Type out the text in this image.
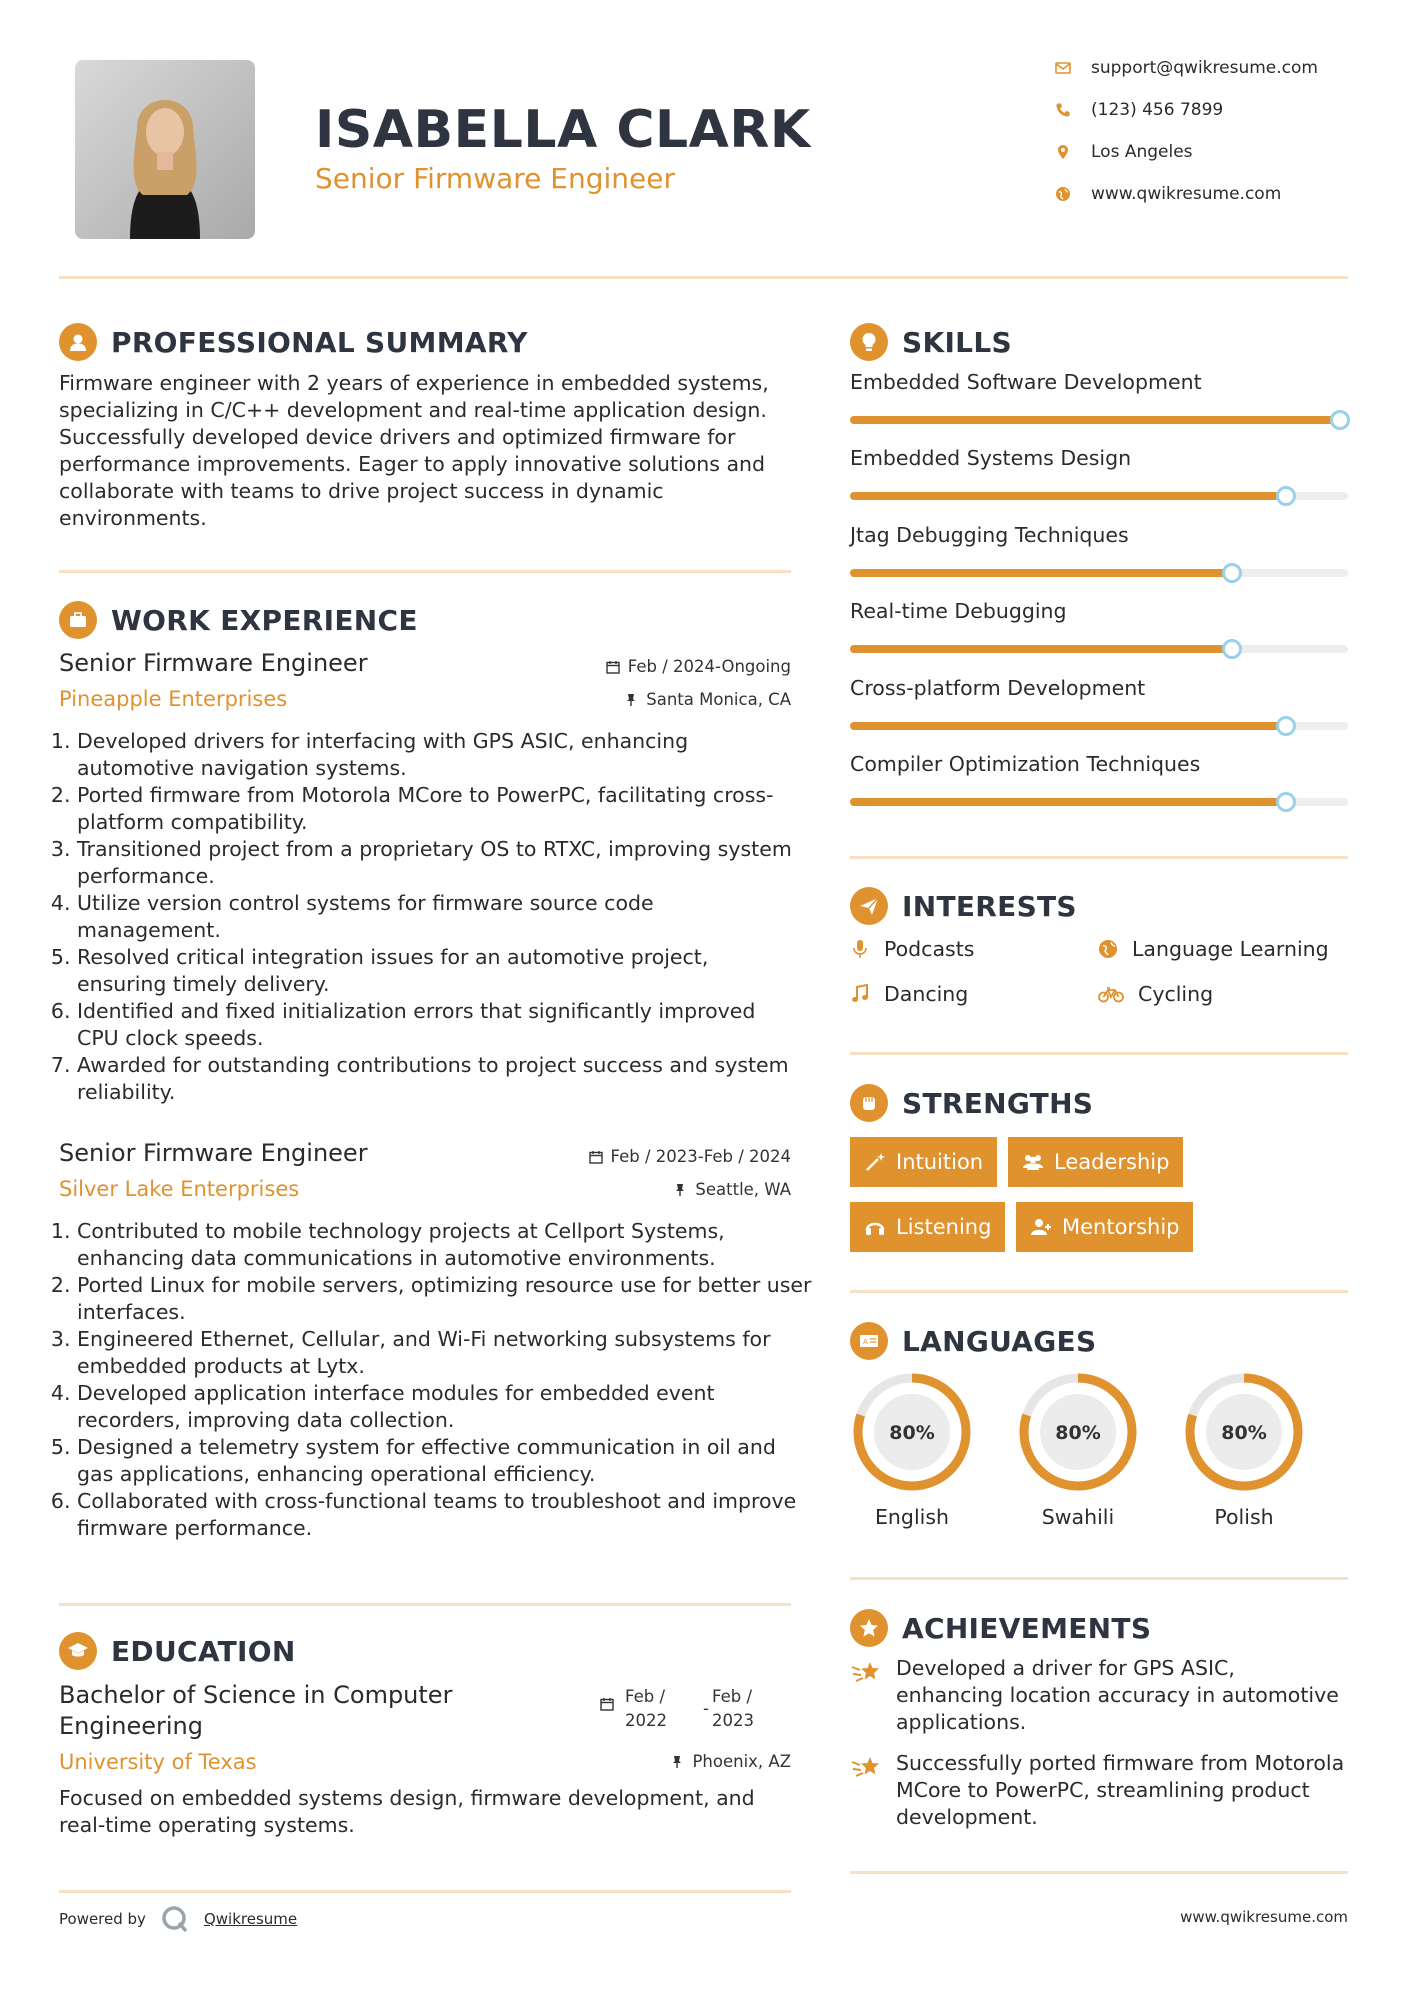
ISABELLA CLARK
Senior Firmware Engineer
support@qwikresume.com
(123) 456 7899
Los Angeles
www.qwikresume.com
PROFESSIONAL SUMMARY
Firmware engineer with 2 years of experience in embedded systems, specializing in C/C++ development and real-time application design. Successfully developed device drivers and optimized firmware for performance improvements. Eager to apply innovative solutions and collaborate with teams to drive project success in dynamic environments.
WORK EXPERIENCE
Senior Firmware Engineer
Pineapple Enterprises
Feb / 2024-Ongoing
Santa Monica, CA
1. Developed drivers for interfacing with GPS ASIC, enhancing automotive navigation systems.
2. Ported firmware from Motorola MCore to PowerPC, facilitating cross-platform compatibility.
3. Transitioned project from a proprietary OS to RTXC, improving system performance.
4. Utilize version control systems for firmware source code management.
5. Resolved critical integration issues for an automotive project, ensuring timely delivery.
6. Identified and fixed initialization errors that significantly improved CPU clock speeds.
7. Awarded for outstanding contributions to project success and system reliability.
Senior Firmware Engineer
Silver Lake Enterprises
Feb / 2023-Feb / 2024
Seattle, WA
1. Contributed to mobile technology projects at Cellport Systems, enhancing data communications in automotive environments.
2. Ported Linux for mobile servers, optimizing resource use for better user interfaces.
3. Engineered Ethernet, Cellular, and Wi-Fi networking subsystems for embedded products at Lytx.
4. Developed application interface modules for embedded event recorders, improving data collection.
5. Designed a telemetry system for effective communication in oil and gas applications, enhancing operational efficiency.
6. Collaborated with cross-functional teams to troubleshoot and improve firmware performance.
EDUCATION
Bachelor of Science in Computer
Engineering
University of Texas
Feb /
2022
-
Feb /
2023
Phoenix, AZ
Focused on embedded systems design, firmware development, and real-time operating systems.
Powered by	Qwikresume	www.qwikresume.com
SKILLS
Embedded Software Development
Embedded Systems Design
Jtag Debugging Techniques
Real-time Debugging
Cross-platform Development
Compiler Optimization Techniques
INTERESTS
Podcasts	Language Learning
Dancing	Cycling
STRENGTHS
Intuition	Leadership
Listening	Mentorship
A LANGUAGES
80%
English
80%
Swahili
80%
Polish
ACHIEVEMENTS
Developed a driver for GPS ASIC, enhancing location accuracy in automotive applications.
Successfully ported firmware from Motorola MCore to PowerPC, streamlining product development.
